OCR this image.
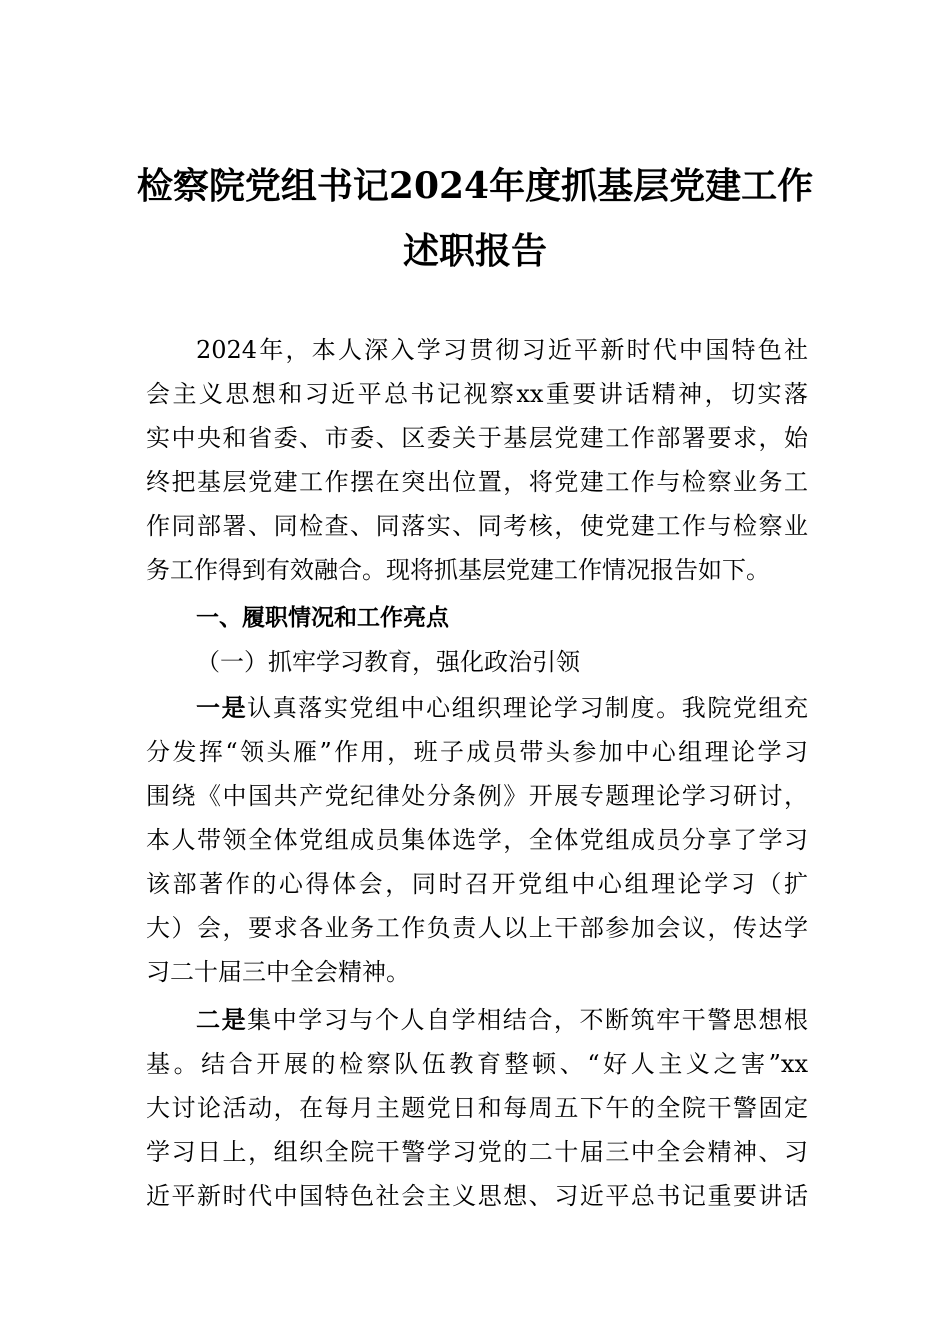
检察院党组书记2024年度抓基层党建工作
述职报告
2024年，本人深入学习贯彻习近平新时代中国特色社
会主义思想和习近平总书记视察xx重要讲话精神，切实落
实中央和省委、市委、区委关于基层党建工作部署要求，始
终把基层党建工作摆在突出位置，将党建工作与检察业务工
作同部署、同检查、同落实、同考核，使党建工作与检察业
务工作得到有效融合。现将抓基层党建工作情况报告如下。
一、履职情况和工作亮点
（一）抓牢学习教育，强化政治引领
一是认真落实党组中心组织理论学习制度。我院党组充
分发挥“领头雁”作用，班子成员带头参加中心组理论学习
围绕《中国共产党纪律处分条例》开展专题理论学习研讨，
本人带领全体党组成员集体选学，全体党组成员分享了学习
该部著作的心得体会，同时召开党组中心组理论学习（扩
大）会，要求各业务工作负责人以上干部参加会议，传达学
习二十届三中全会精神。
二是集中学习与个人自学相结合，不断筑牢干警思想根
基。结合开展的检察队伍教育整顿、“好人主义之害”xx
大讨论活动，在每月主题党日和每周五下午的全院干警固定
学习日上，组织全院干警学习党的二十届三中全会精神、习
近平新时代中国特色社会主义思想、习近平总书记重要讲话
